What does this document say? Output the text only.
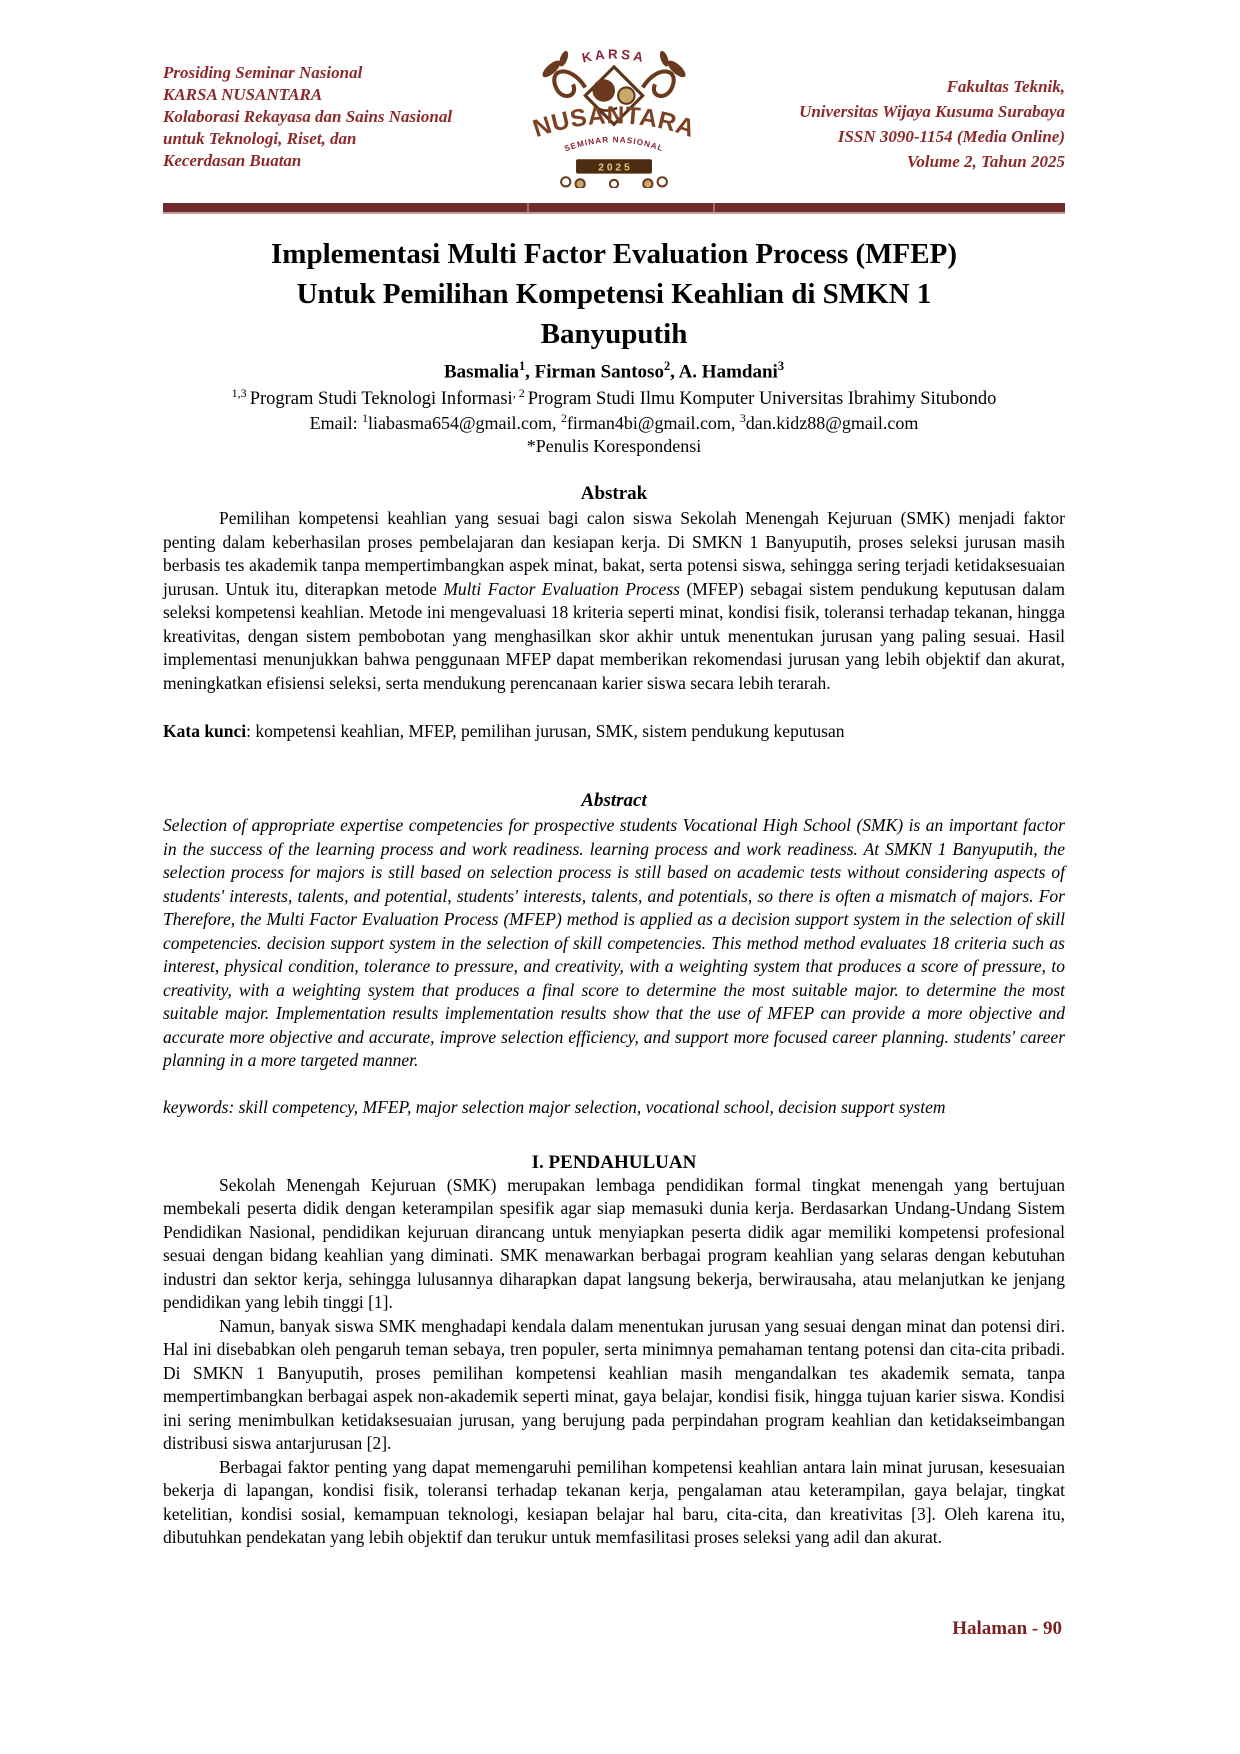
Prosiding Seminar Nasional
KARSA NUSANTARA
Kolaborasi Rekayasa dan Sains Nasional
untuk Teknologi, Riset, dan
Kecerdasan Buatan
KARSA
NUSANTARA
SEMINAR NASIONAL
2 0 2 5
Fakultas Teknik,
Universitas Wijaya Kusuma Surabaya
ISSN 3090-1154 (Media Online)
Volume 2, Tahun 2025
Implementasi Multi Factor Evaluation Process (MFEP)
Untuk Pemilihan Kompetensi Keahlian di SMKN 1
Banyuputih
Basmalia$^1$, Firman Santoso$^2$, A. Hamdani$^3$
$^{1,3}$ Program Studi Teknologi Informasi$^{, 2}$ Program Studi Ilmu Komputer Universitas Ibrahimy Situbondo
Email: $^1$liabasma654@gmail.com, $^2$firman4bi@gmail.com, $^3$dan.kidz88@gmail.com
*Penulis Korespondensi
Abstrak

Pemilihan kompetensi keahlian yang sesuai bagi calon siswa Sekolah Menengah Kejuruan (SMK) menjadi faktor penting dalam keberhasilan proses pembelajaran dan kesiapan kerja. Di SMKN 1 Banyuputih, proses seleksi jurusan masih berbasis tes akademik tanpa mempertimbangkan aspek minat, bakat, serta potensi siswa, sehingga sering terjadi ketidaksesuaian jurusan. Untuk itu, diterapkan metode Multi Factor Evaluation Process (MFEP) sebagai sistem pendukung keputusan dalam seleksi kompetensi keahlian. Metode ini mengevaluasi 18 kriteria seperti minat, kondisi fisik, toleransi terhadap tekanan, hingga kreativitas, dengan sistem pembobotan yang menghasilkan skor akhir untuk menentukan jurusan yang paling sesuai. Hasil implementasi menunjukkan bahwa penggunaan MFEP dapat memberikan rekomendasi jurusan yang lebih objektif dan akurat, meningkatkan efisiensi seleksi, serta mendukung perencanaan karier siswa secara lebih terarah.

Kata kunci: kompetensi keahlian, MFEP, pemilihan jurusan, SMK, sistem pendukung keputusan
Abstract

Selection of appropriate expertise competencies for prospective students Vocational High School (SMK) is an important factor in the success of the learning process and work readiness. learning process and work readiness. At SMKN 1 Banyuputih, the selection process for majors is still based on selection process is still based on academic tests without considering aspects of students' interests, talents, and potential, students' interests, talents, and potentials, so there is often a mismatch of majors. For Therefore, the Multi Factor Evaluation Process (MFEP) method is applied as a decision support system in the selection of skill competencies. decision support system in the selection of skill competencies. This method method evaluates 18 criteria such as interest, physical condition, tolerance to pressure, and creativity, with a weighting system that produces a score of pressure, to creativity, with a weighting system that produces a final score to determine the most suitable major. to determine the most suitable major. Implementation results implementation results show that the use of MFEP can provide a more objective and accurate more objective and accurate, improve selection efficiency, and support more focused career planning. students' career planning in a more targeted manner.

keywords: skill competency, MFEP, major selection major selection, vocational school, decision support system
I. PENDAHULUAN

Sekolah Menengah Kejuruan (SMK) merupakan lembaga pendidikan formal tingkat menengah yang bertujuan membekali peserta didik dengan keterampilan spesifik agar siap memasuki dunia kerja. Berdasarkan Undang-Undang Sistem Pendidikan Nasional, pendidikan kejuruan dirancang untuk menyiapkan peserta didik agar memiliki kompetensi profesional sesuai dengan bidang keahlian yang diminati. SMK menawarkan berbagai program keahlian yang selaras dengan kebutuhan industri dan sektor kerja, sehingga lulusannya diharapkan dapat langsung bekerja, berwirausaha, atau melanjutkan ke jenjang pendidikan yang lebih tinggi [1].

Namun, banyak siswa SMK menghadapi kendala dalam menentukan jurusan yang sesuai dengan minat dan potensi diri. Hal ini disebabkan oleh pengaruh teman sebaya, tren populer, serta minimnya pemahaman tentang potensi dan cita-cita pribadi. Di SMKN 1 Banyuputih, proses pemilihan kompetensi keahlian masih mengandalkan tes akademik semata, tanpa mempertimbangkan berbagai aspek non-akademik seperti minat, gaya belajar, kondisi fisik, hingga tujuan karier siswa. Kondisi ini sering menimbulkan ketidaksesuaian jurusan, yang berujung pada perpindahan program keahlian dan ketidakseimbangan distribusi siswa antarjurusan [2].

Berbagai faktor penting yang dapat memengaruhi pemilihan kompetensi keahlian antara lain minat jurusan, kesesuaian bekerja di lapangan, kondisi fisik, toleransi terhadap tekanan kerja, pengalaman atau keterampilan, gaya belajar, tingkat ketelitian, kondisi sosial, kemampuan teknologi, kesiapan belajar hal baru, cita-cita, dan kreativitas [3]. Oleh karena itu, dibutuhkan pendekatan yang lebih objektif dan terukur untuk memfasilitasi proses seleksi yang adil dan akurat.

Halaman - 90
